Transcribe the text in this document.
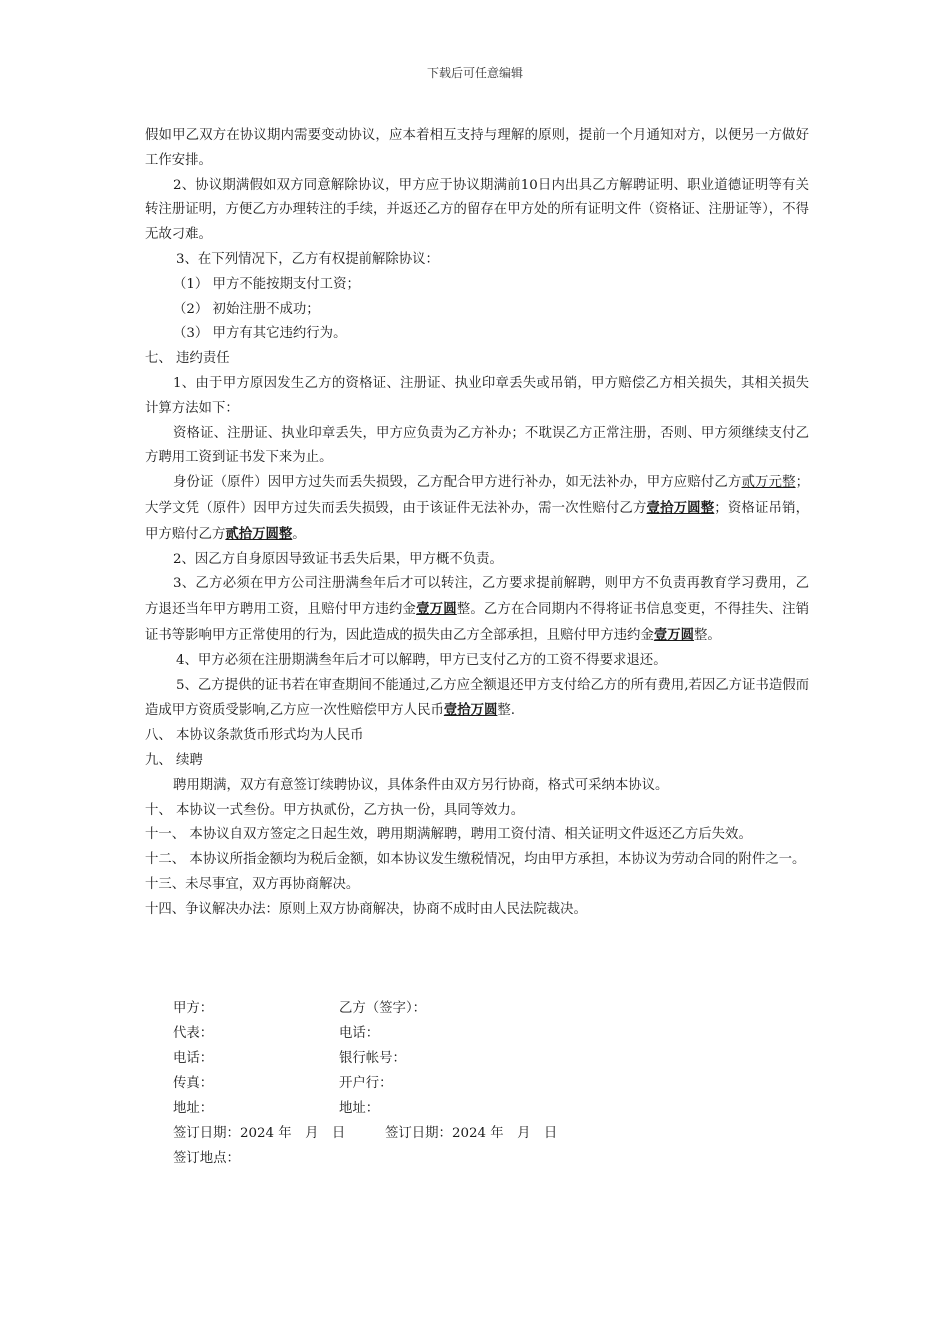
下载后可任意编辑

假如甲乙双方在协议期内需要变动协议，应本着相互支持与理解的原则，提前一个月通知对方，以便另一方做好工作安排。

2、协议期满假如双方同意解除协议，甲方应于协议期满前10日内出具乙方解聘证明、职业道德证明等有关转注册证明，方便乙方办理转注的手续，并返还乙方的留存在甲方处的所有证明文件（资格证、注册证等），不得无故刁难。

3、在下列情况下，乙方有权提前解除协议：

（1） 甲方不能按期支付工资；

（2） 初始注册不成功；

（3） 甲方有其它违约行为。

七、 违约责任

1、由于甲方原因发生乙方的资格证、注册证、执业印章丢失或吊销，甲方赔偿乙方相关损失，其相关损失计算方法如下：

资格证、注册证、执业印章丢失，甲方应负责为乙方补办；不耽误乙方正常注册，否则、甲方须继续支付乙方聘用工资到证书发下来为止。

身份证（原件）因甲方过失而丢失损毁，乙方配合甲方进行补办，如无法补办，甲方应赔付乙方贰万元整；大学文凭（原件）因甲方过失而丢失损毁，由于该证件无法补办，需一次性赔付乙方壹拾万圆整；资格证吊销，甲方赔付乙方贰拾万圆整。

2、因乙方自身原因导致证书丢失后果，甲方概不负责。

3、乙方必须在甲方公司注册满叁年后才可以转注，乙方要求提前解聘，则甲方不负责再教育学习费用，乙方退还当年甲方聘用工资，且赔付甲方违约金壹万圆整。乙方在合同期内不得将证书信息变更，不得挂失、注销证书等影响甲方正常使用的行为，因此造成的损失由乙方全部承担，且赔付甲方违约金壹万圆整。

4、甲方必须在注册期满叁年后才可以解聘，甲方已支付乙方的工资不得要求退还。

5、乙方提供的证书若在审查期间不能通过,乙方应全额退还甲方支付给乙方的所有费用,若因乙方证书造假而造成甲方资质受影响,乙方应一次性赔偿甲方人民币壹拾万圆整.

八、 本协议条款货币形式均为人民币

九、 续聘

聘用期满，双方有意签订续聘协议，具体条件由双方另行协商，格式可采纳本协议。

十、 本协议一式叁份。甲方执贰份，乙方执一份，具同等效力。

十一、 本协议自双方签定之日起生效，聘用期满解聘，聘用工资付清、相关证明文件返还乙方后失效。

十二、 本协议所指金额均为税后金额，如本协议发生缴税情况，均由甲方承担，本协议为劳动合同的附件之一。

十三、未尽事宜，双方再协商解决。

十四、争议解决办法：原则上双方协商解决，协商不成时由人民法院裁决。

甲方：	乙方（签字）：
代表：	电话：
电话：	银行帐号：
传真：	开户行：
地址：	地址：
签订日期：2024 年　月　日	签订日期：2024 年　月　日
签订地点：
